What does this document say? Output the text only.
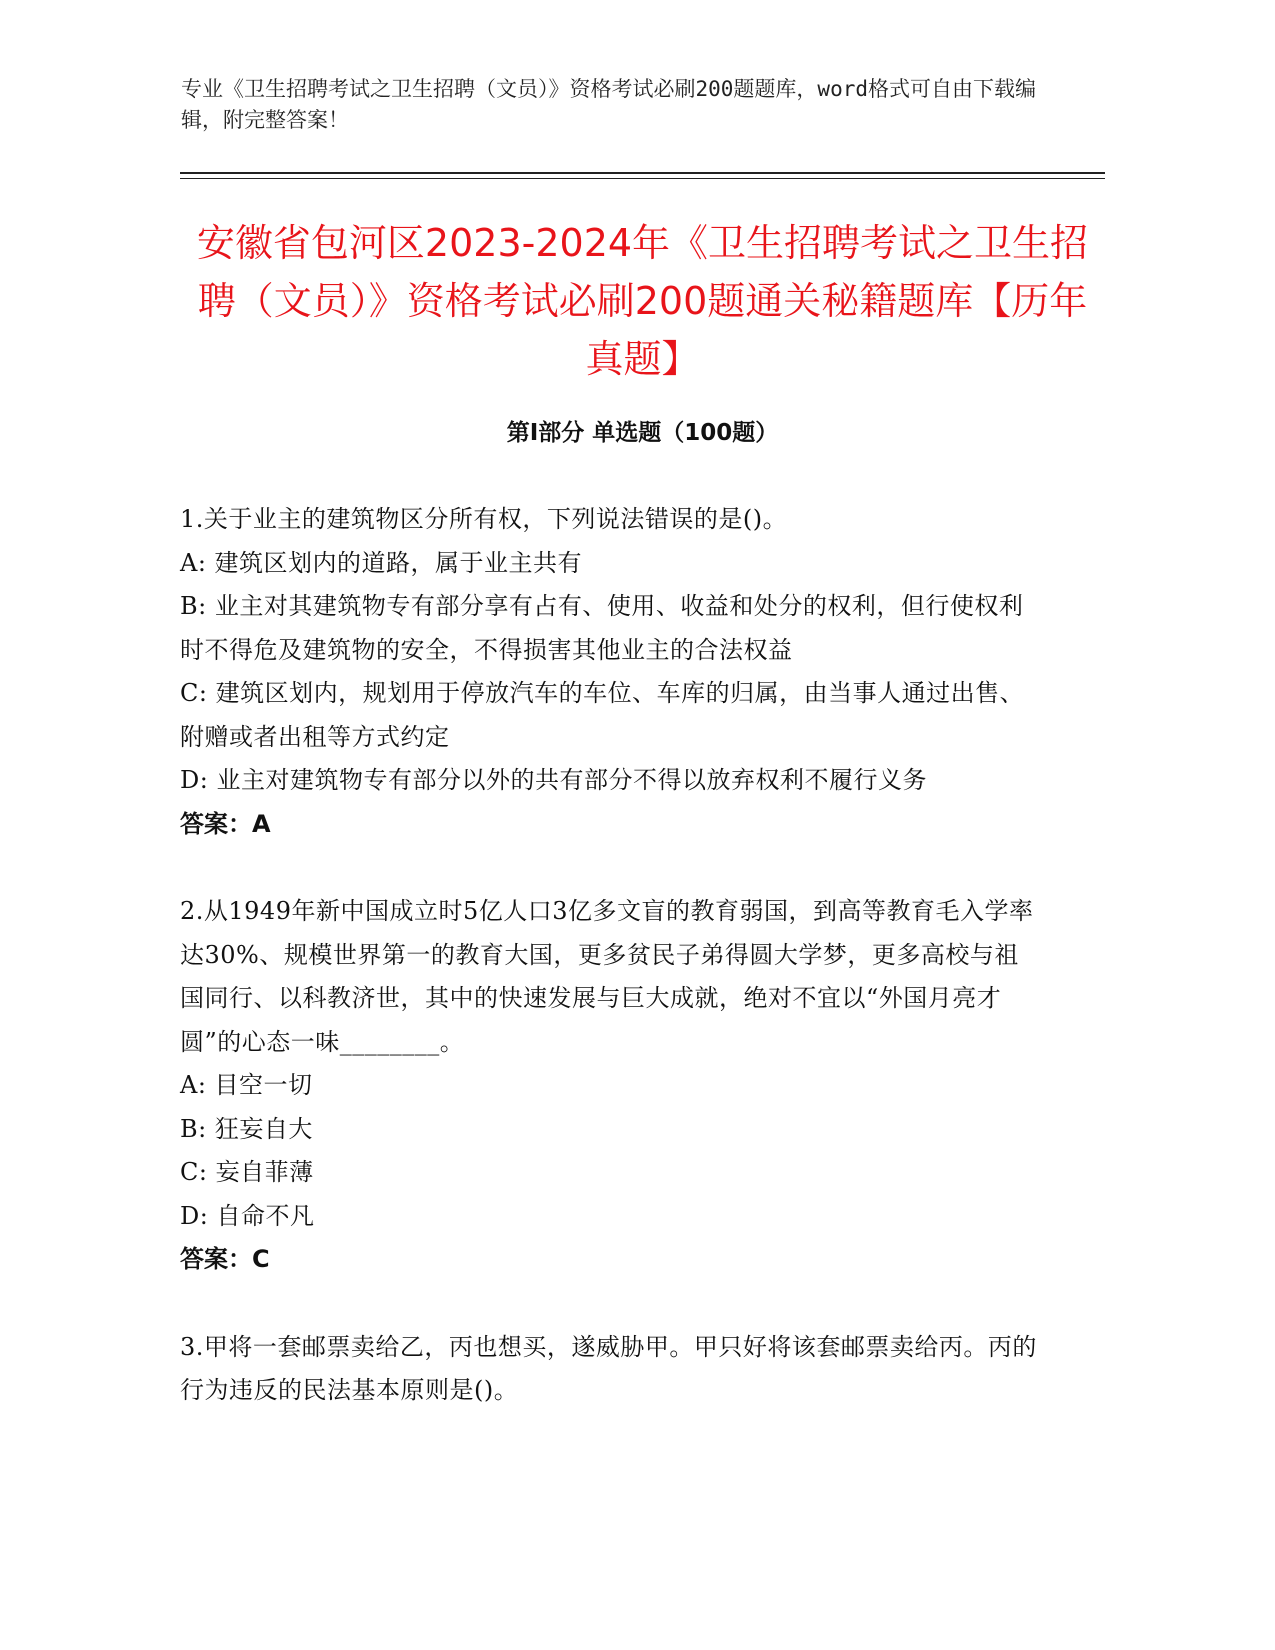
专业《卫生招聘考试之卫生招聘（文员）》资格考试必刷200题题库，word格式可自由下载编辑，附完整答案！

安徽省包河区2023-2024年《卫生招聘考试之卫生招聘（文员）》资格考试必刷200题通关秘籍题库【历年真题】
第I部分 单选题（100题）

1.关于业主的建筑物区分所有权，下列说法错误的是()。

A: 建筑区划内的道路，属于业主共有

B: 业主对其建筑物专有部分享有占有、使用、收益和处分的权利，但行使权利时不得危及建筑物的安全，不得损害其他业主的合法权益

C: 建筑区划内，规划用于停放汽车的车位、车库的归属，由当事人通过出售、附赠或者出租等方式约定

D: 业主对建筑物专有部分以外的共有部分不得以放弃权利不履行义务

答案：A

2.从1949年新中国成立时5亿人口3亿多文盲的教育弱国，到高等教育毛入学率达30%、规模世界第一的教育大国，更多贫民子弟得圆大学梦，更多高校与祖国同行、以科教济世，其中的快速发展与巨大成就，绝对不宜以“外国月亮才圆”的心态一味________。

A: 目空一切

B: 狂妄自大

C: 妄自菲薄

D: 自命不凡

答案：C

3.甲将一套邮票卖给乙，丙也想买，遂威胁甲。甲只好将该套邮票卖给丙。丙的行为违反的民法基本原则是()。
